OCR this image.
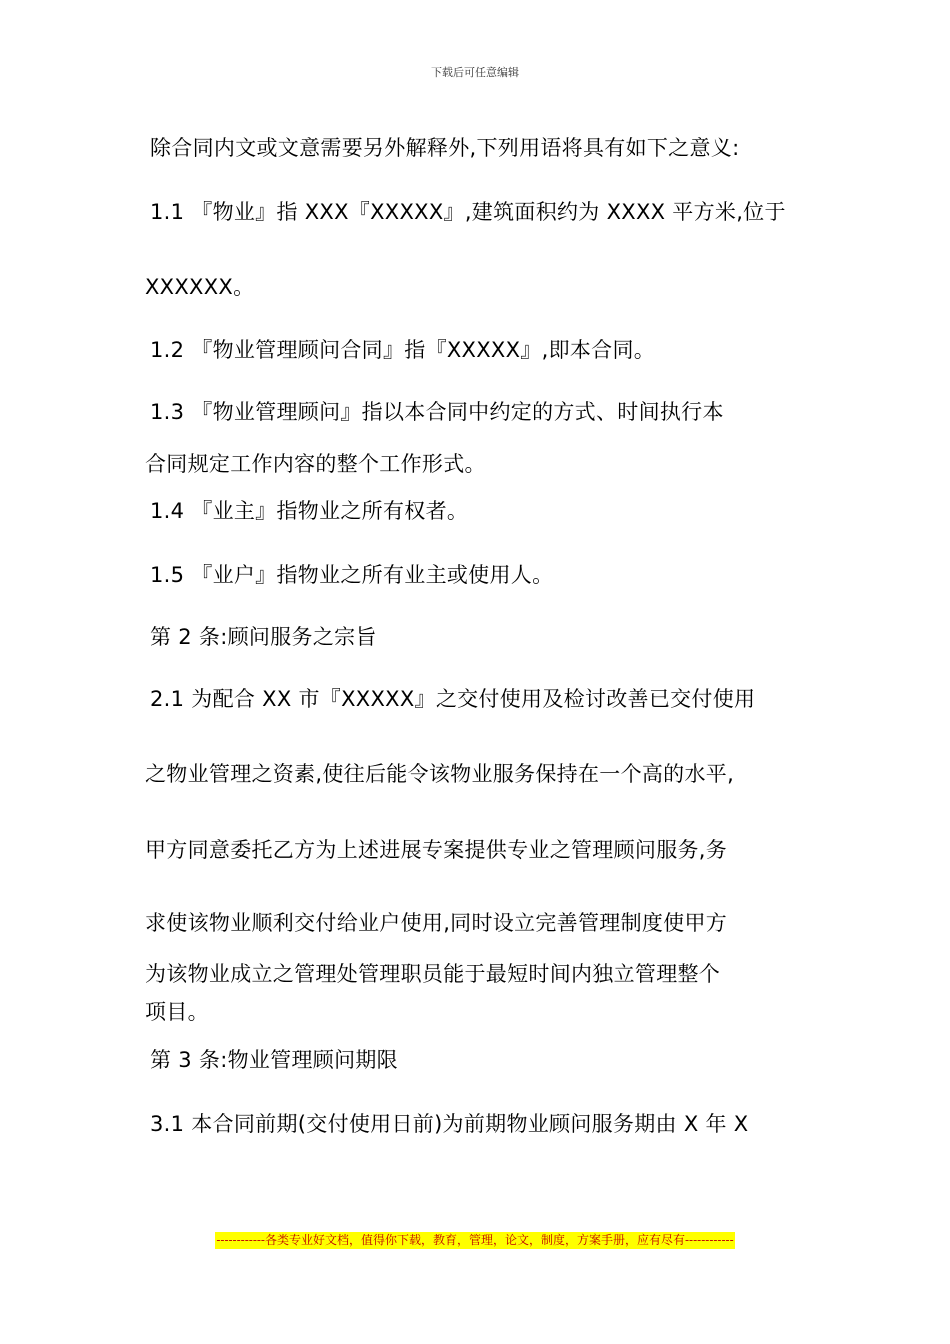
下载后可任意编辑
除合同内文或文意需要另外解释外,下列用语将具有如下之意义:
1.1 『物业』指 XXX『XXXXX』,建筑面积约为 XXXX 平方米,位于
XXXXXX。
1.2 『物业管理顾问合同』指『XXXXX』,即本合同。
1.3 『物业管理顾问』指以本合同中约定的方式、时间执行本
合同规定工作内容的整个工作形式。
1.4 『业主』指物业之所有权者。
1.5 『业户』指物业之所有业主或使用人。
第 2 条:顾问服务之宗旨
2.1 为配合 XX 市『XXXXX』之交付使用及检讨改善已交付使用
之物业管理之资素,使往后能令该物业服务保持在一个高的水平,
甲方同意委托乙方为上述进展专案提供专业之管理顾问服务,务
求使该物业顺利交付给业户使用,同时设立完善管理制度使甲方
为该物业成立之管理处管理职员能于最短时间内独立管理整个
项目。
第 3 条:物业管理顾问期限
3.1 本合同前期(交付使用日前)为前期物业顾问服务期由 X 年 X
------------各类专业好文档，值得你下载，教育，管理，论文，制度，方案手册，应有尽有------------
